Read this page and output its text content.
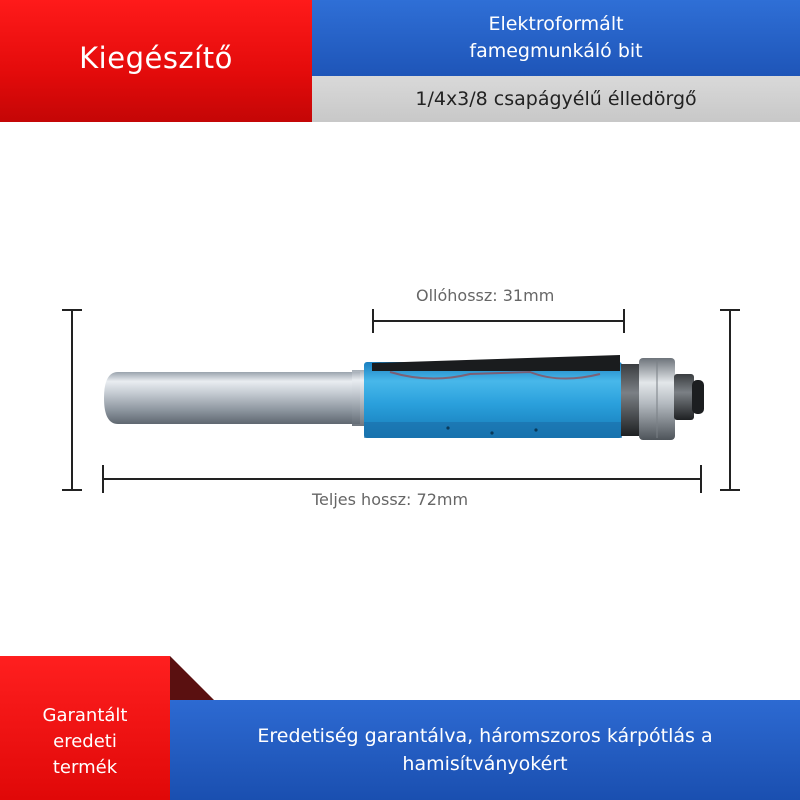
Kiegészítő
Elektroformált
famegmunkáló bit
1/4x3/8 csapágyélű élledörgő
Ollóhossz: 31mm
Teljes hossz: 72mm
Garantált
eredeti
termék
Eredetiség garantálva, háromszoros kárpótlás a hamisítványokért
